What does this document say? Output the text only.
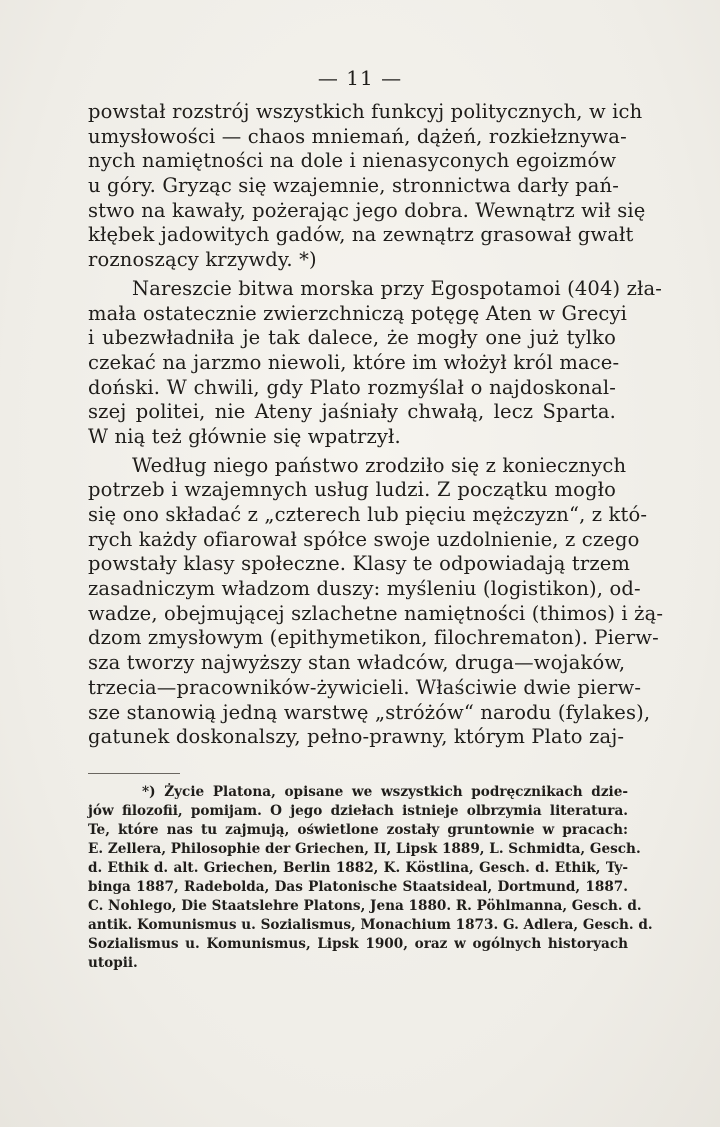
— 11 —
powstał rozstrój wszystkich funkcyj politycznych, w ich
umysłowości — chaos mniemań, dążeń, rozkiełznywa-
nych namiętności na dole i nienasyconych egoizmów
u góry. Gryząc się wzajemnie, stronnictwa darły pań-
stwo na kawały, pożerając jego dobra. Wewnątrz wił się
kłębek jadowitych gadów, na zewnątrz grasował gwałt
roznoszący krzywdy. *)
Nareszcie bitwa morska przy Egospotamoi (404) zła-
mała ostatecznie zwierzchniczą potęgę Aten w Grecyi
i ubezwładniła je tak dalece, że mogły one już tylko
czekać na jarzmo niewoli, które im włożył król mace-
doński. W chwili, gdy Plato rozmyślał o najdoskonal-
szej politei, nie Ateny jaśniały chwałą, lecz Sparta.
W nią też głównie się wpatrzył.
Według niego państwo zrodziło się z koniecznych
potrzeb i wzajemnych usług ludzi. Z początku mogło
się ono składać z „czterech lub pięciu mężczyzn“, z któ-
rych każdy ofiarował spółce swoje uzdolnienie, z czego
powstały klasy społeczne. Klasy te odpowiadają trzem
zasadniczym władzom duszy: myśleniu (logistikon), od-
wadze, obejmującej szlachetne namiętności (thimos) i żą-
dzom zmysłowym (epithymetikon, filochrematon). Pierw-
sza tworzy najwyższy stan władców, druga—wojaków,
trzecia—pracowników-żywicieli. Właściwie dwie pierw-
sze stanowią jedną warstwę „stróżów“ narodu (fylakes),
gatunek doskonalszy, pełno-prawny, którym Plato zaj-
*) Życie Platona, opisane we wszystkich podręcznikach dzie-
jów filozofii, pomijam. O jego dziełach istnieje olbrzymia literatura.
Te, które nas tu zajmują, oświetlone zostały gruntownie w pracach:
E. Zellera, Philosophie der Griechen, II, Lipsk 1889, L. Schmidta, Gesch.
d. Ethik d. alt. Griechen, Berlin 1882, K. Köstlina, Gesch. d. Ethik, Ty-
binga 1887, Radebolda, Das Platonische Staatsideal, Dortmund, 1887.
C. Nohlego, Die Staatslehre Platons, Jena 1880. R. Pöhlmanna, Gesch. d.
antik. Komunismus u. Sozialismus, Monachium 1873. G. Adlera, Gesch. d.
Sozialismus u. Komunismus, Lipsk 1900, oraz w ogólnych historyach
utopii.
